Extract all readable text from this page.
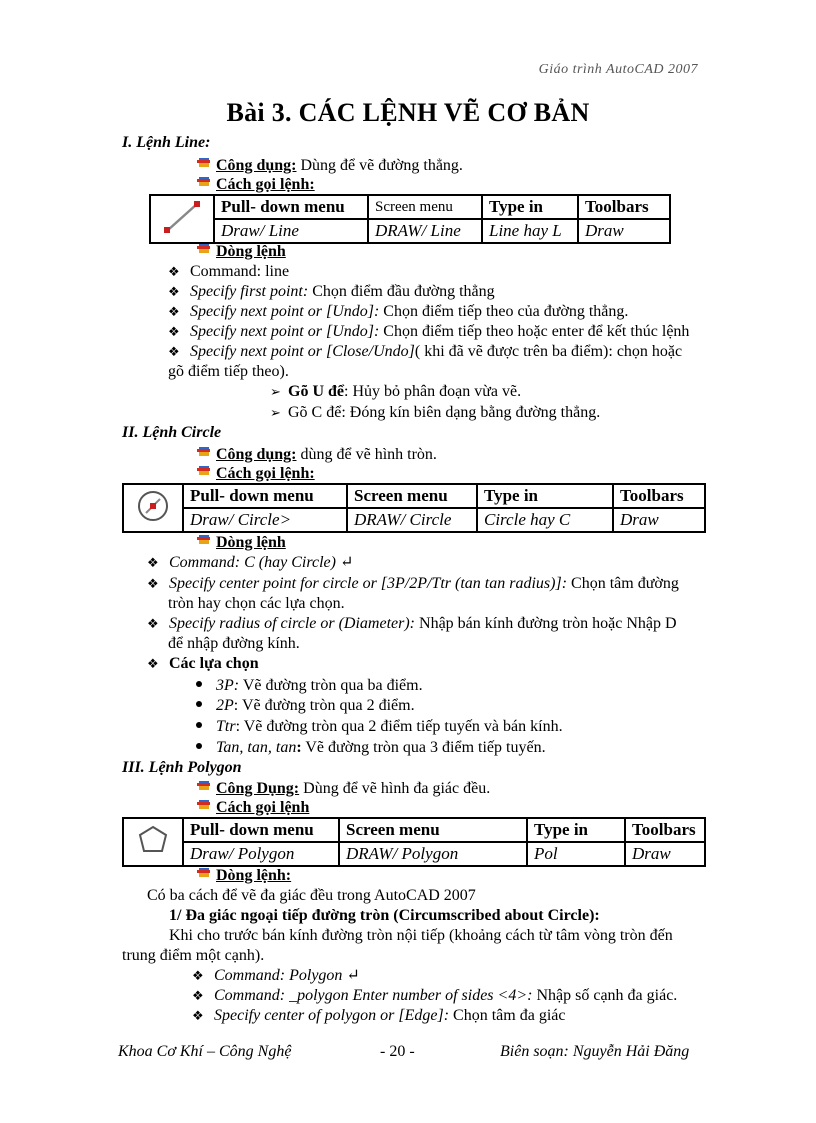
Giáo trình AutoCAD 2007
Bài 3. CÁC LỆNH VẼ CƠ BẢN
I. Lệnh Line:
Công dụng: Dùng để vẽ đường thẳng.
Cách gọi lệnh:
	Pull- down menu	Screen menu	Type in	Toolbars
	Draw/ Line	DRAW/ Line	Line hay L	Draw
Dòng lệnh
❖ Command: line
❖ Specify first point: Chọn điểm đầu đường thẳng
❖ Specify next point or [Undo]: Chọn điểm tiếp theo của đường thẳng.
❖ Specify next point or [Undo]: Chọn điểm tiếp theo hoặc enter để kết thúc lệnh
❖ Specify next point or [Close/Undo]( khi đã vẽ được trên ba điểm): chọn hoặc
gõ điểm tiếp theo).
➢ Gõ U để: Hủy bỏ phân đoạn vừa vẽ.
➢ Gõ C để: Đóng kín biên dạng bằng đường thẳng.
II. Lệnh Circle
Công dụng: dùng để vẽ hình tròn.
Cách gọi lệnh:
	Pull- down menu	Screen menu	Type in	Toolbars
	Draw/ Circle>	DRAW/ Circle	Circle hay C	Draw
Dòng lệnh
❖ Command: C (hay Circle) ↵
❖ Specify center point for circle or [3P/2P/Ttr (tan tan radius)]: Chọn tâm đường
tròn hay chọn các lựa chọn.
❖ Specify radius of circle or (Diameter): Nhập bán kính đường tròn hoặc Nhập D
để nhập đường kính.
❖ Các lựa chọn
3P: Vẽ đường tròn qua ba điểm.
2P: Vẽ đường tròn qua 2 điểm.
Ttr: Vẽ đường tròn qua 2 điểm tiếp tuyến và bán kính.
Tan, tan, tan: Vẽ đường tròn qua 3 điểm tiếp tuyến.
III. Lệnh Polygon
Công Dụng: Dùng để vẽ hình đa giác đều.
Cách gọi lệnh
	Pull- down menu	Screen menu	Type in	Toolbars
	Draw/ Polygon	DRAW/ Polygon	Pol	Draw
Dòng lệnh:
Có ba cách để vẽ đa giác đều trong AutoCAD 2007
1/ Đa giác ngoại tiếp đường tròn (Circumscribed about Circle):
Khi cho trước bán kính đường tròn nội tiếp (khoảng cách từ tâm vòng tròn đến
trung điểm một cạnh).
❖ Command: Polygon ↵
❖ Command: _polygon Enter number of sides <4>: Nhập số cạnh đa giác.
❖ Specify center of polygon or [Edge]: Chọn tâm đa giác
Khoa Cơ Khí – Công Nghệ	- 20 -	Biên soạn: Nguyễn Hải Đăng
